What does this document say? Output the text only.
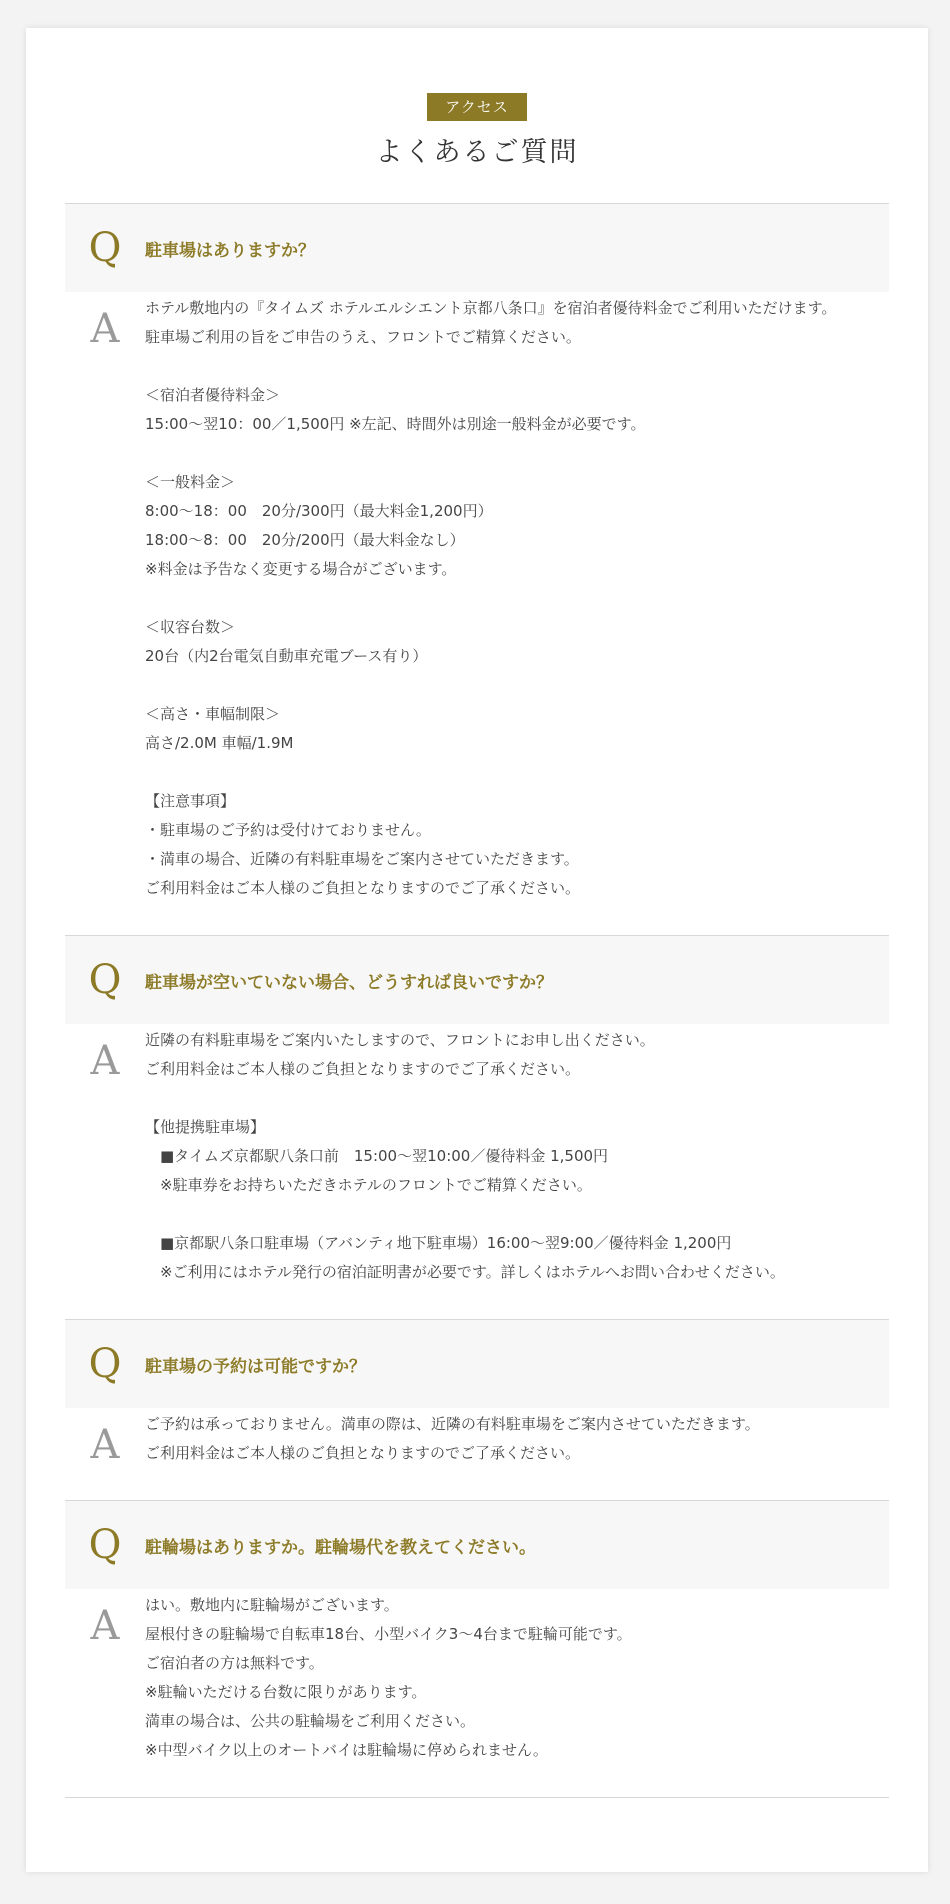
アクセス
よくあるご質問
Q	駐車場はありますか？
A	ホテル敷地内の『タイムズ ホテルエルシエント京都八条口』を宿泊者優待料金でご利用いただけます。

駐車場ご利用の旨をご申告のうえ、フロントでご精算ください。

＜宿泊者優待料金＞

15:00～翌10：00／1,500円 ※左記、時間外は別途一般料金が必要です。

＜一般料金＞

8:00～18：00　20分/300円（最大料金1,200円）

18:00～8：00　20分/200円（最大料金なし）

※料金は予告なく変更する場合がございます。

＜収容台数＞

20台（内2台電気自動車充電ブース有り）

＜高さ・車幅制限＞

高さ/2.0M 車幅/1.9M

【注意事項】

・駐車場のご予約は受付けておりません。

・満車の場合、近隣の有料駐車場をご案内させていただきます。

ご利用料金はご本人様のご負担となりますのでご了承ください。

Q	駐車場が空いていない場合、どうすれば良いですか？
A	近隣の有料駐車場をご案内いたしますので、フロントにお申し出ください。

ご利用料金はご本人様のご負担となりますのでご了承ください。

【他提携駐車場】

　■タイムズ京都駅八条口前　15:00～翌10:00／優待料金 1,500円

　※駐車券をお持ちいただきホテルのフロントでご精算ください。

　■京都駅八条口駐車場（アバンティ地下駐車場）16:00～翌9:00／優待料金 1,200円

　※ご利用にはホテル発行の宿泊証明書が必要です。詳しくはホテルへお問い合わせください。

Q	駐車場の予約は可能ですか？
A	ご予約は承っておりません。満車の際は、近隣の有料駐車場をご案内させていただきます。

ご利用料金はご本人様のご負担となりますのでご了承ください。

Q	駐輪場はありますか。駐輪場代を教えてください。
A	はい。敷地内に駐輪場がございます。

屋根付きの駐輪場で自転車18台、小型バイク3～4台まで駐輪可能です。

ご宿泊者の方は無料です。

※駐輪いただける台数に限りがあります。

満車の場合は、公共の駐輪場をご利用ください。

※中型バイク以上のオートバイは駐輪場に停められません。
